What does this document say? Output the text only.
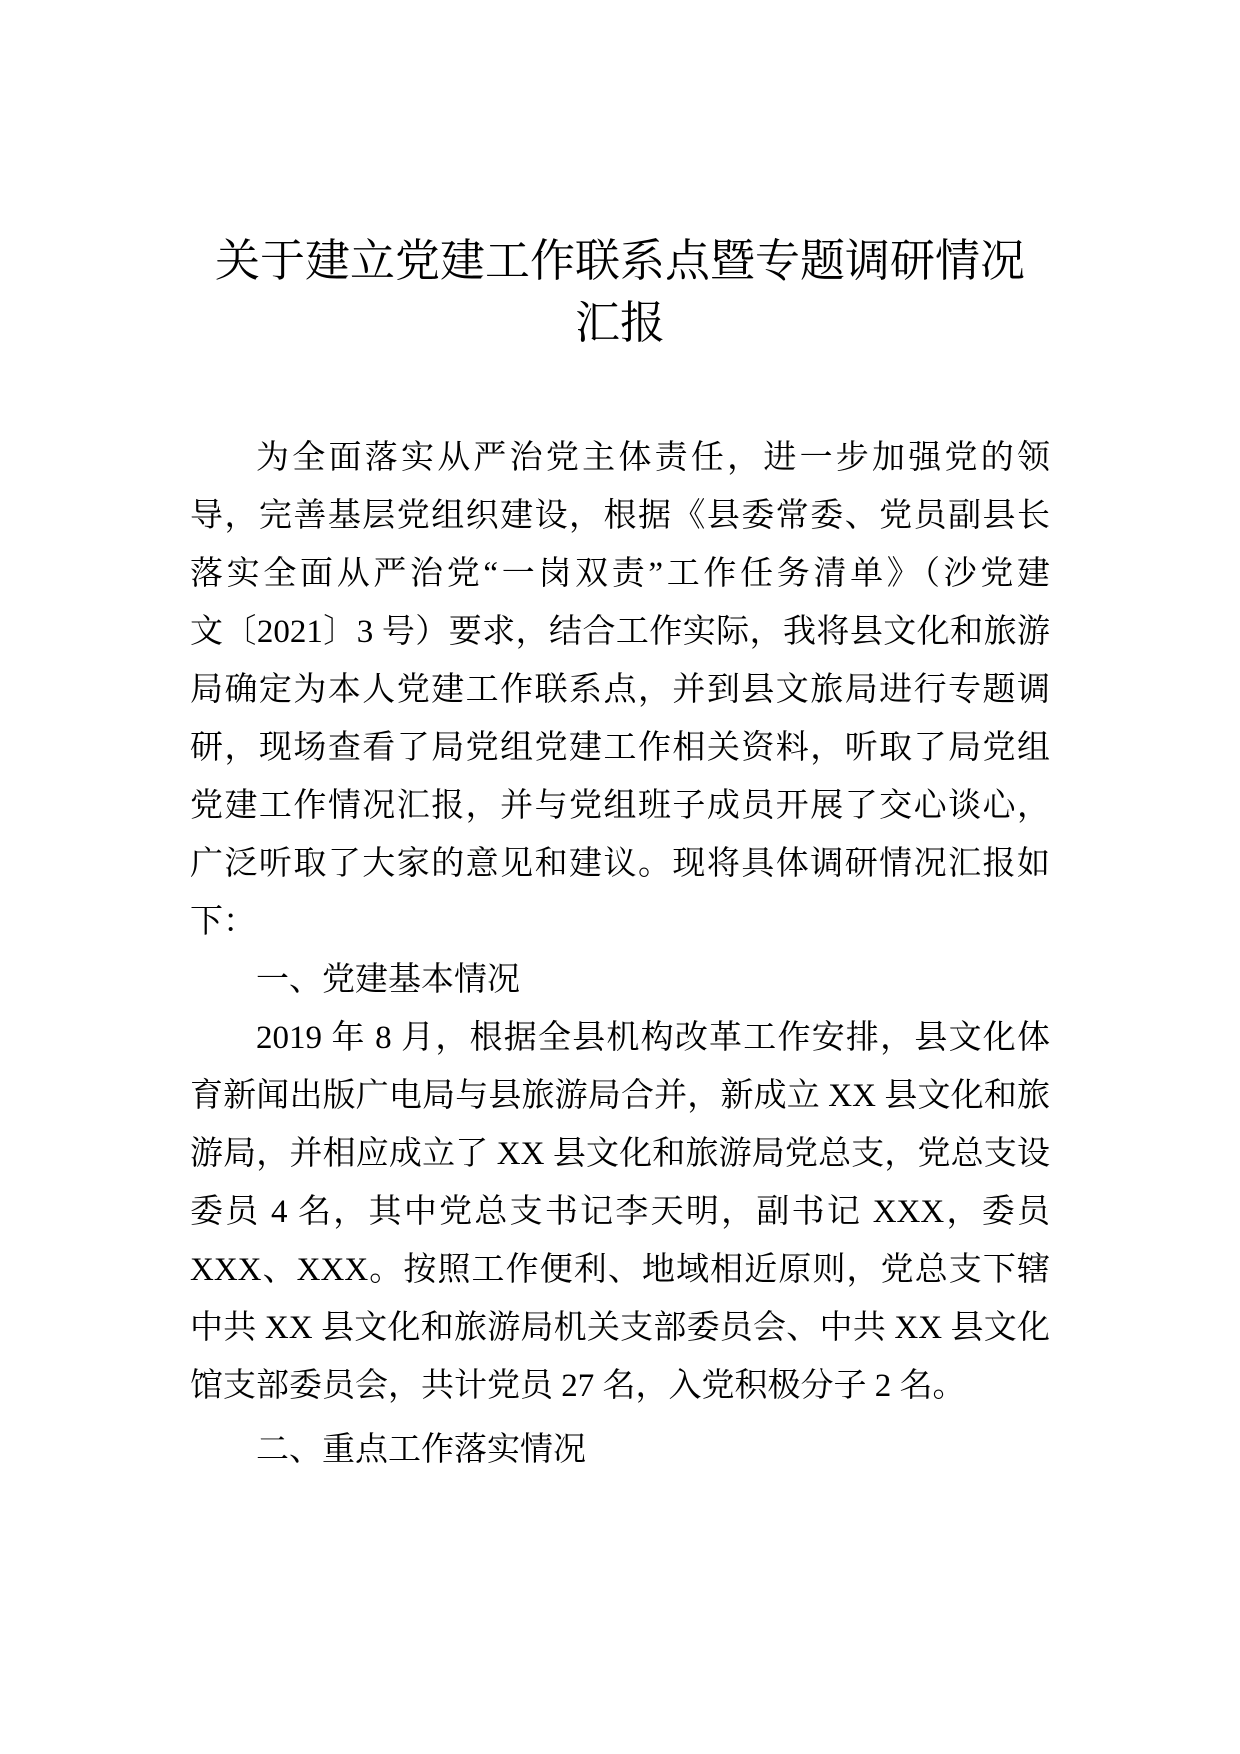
关于建立党建工作联系点暨专题调研情况
汇报

为全面落实从严治党主体责任，进一步加强党的领

导，完善基层党组织建设，根据《县委常委、党员副县长

落实全面从严治党“一岗双责”工作任务清单》（沙党建

文〔2021〕3 号）要求，结合工作实际，我将县文化和旅游

局确定为本人党建工作联系点，并到县文旅局进行专题调

研，现场查看了局党组党建工作相关资料，听取了局党组

党建工作情况汇报，并与党组班子成员开展了交心谈心，

广泛听取了大家的意见和建议。现将具体调研情况汇报如

下：

一、党建基本情况

2019 年 8 月，根据全县机构改革工作安排，县文化体

育新闻出版广电局与县旅游局合并，新成立 XX 县文化和旅

游局，并相应成立了 XX 县文化和旅游局党总支，党总支设

委员 4 名，其中党总支书记李天明，副书记 XXX，委员

XXX、XXX。按照工作便利、地域相近原则，党总支下辖

中共 XX 县文化和旅游局机关支部委员会、中共 XX 县文化

馆支部委员会，共计党员 27 名，入党积极分子 2 名。

二、重点工作落实情况
